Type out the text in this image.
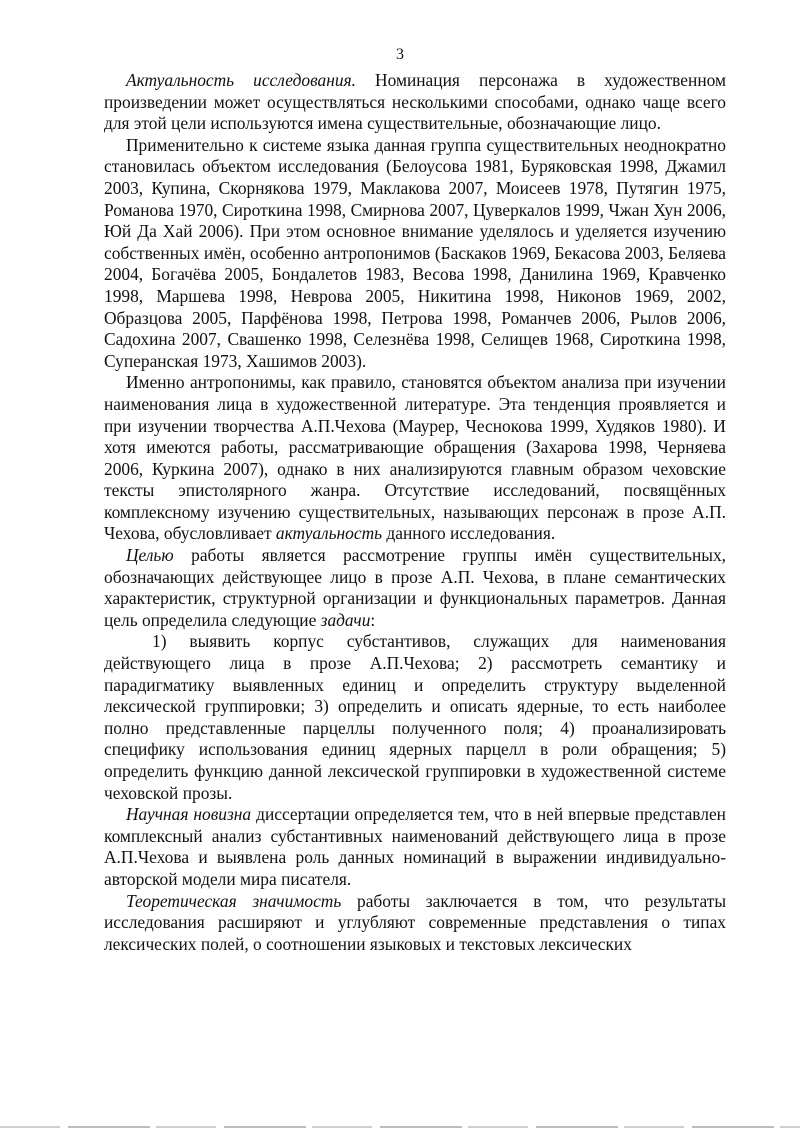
3

Актуальность исследования. Номинация персонажа в художественном произведении может осуществляться несколькими способами, однако чаще всего для этой цели используются имена существительные, обозначающие лицо.

Применительно к системе языка данная группа существительных неоднократно становилась объектом исследования (Белоусова 1981, Буряковская 1998, Джамил 2003, Купина, Скорнякова 1979, Маклакова 2007, Моисеев 1978, Путягин 1975, Романова 1970, Сироткина 1998, Смирнова 2007, Цуверкалов 1999, Чжан Хун 2006, Юй Да Хай 2006). При этом основное внимание уделялось и уделяется изучению собственных имён, особенно антропонимов (Баскаков 1969, Бекасова 2003, Беляева 2004, Богачёва 2005, Бондалетов 1983, Весова 1998, Данилина 1969, Кравченко 1998, Маршева 1998, Неврова 2005, Никитина 1998, Никонов 1969, 2002, Образцова 2005, Парфёнова 1998, Петрова 1998, Романчев 2006, Рылов 2006, Садохина 2007, Свашенко 1998, Селезнёва 1998, Селищев 1968, Сироткина 1998, Суперанская 1973, Хашимов 2003).

Именно антропонимы, как правило, становятся объектом анализа при изучении наименования лица в художественной литературе. Эта тенденция проявляется и при изучении творчества А.П.Чехова (Маурер, Чеснокова 1999, Худяков 1980). И хотя имеются работы, рассматривающие обращения (Захарова 1998, Черняева 2006, Куркина 2007), однако в них анализируются главным образом чеховские тексты эпистолярного жанра. Отсутствие исследований, посвящённых комплексному изучению существительных, называющих персонаж в прозе А.П. Чехова, обусловливает актуальность данного исследования.

Целью работы является рассмотрение группы имён существительных, обозначающих действующее лицо в прозе А.П. Чехова, в плане семантических характеристик, структурной организации и функциональных параметров. Данная цель определила следующие задачи:

1) выявить корпус субстантивов, служащих для наименования действующего лица в прозе А.П.Чехова; 2) рассмотреть семантику и парадигматику выявленных единиц и определить структуру выделенной лексической группировки; 3) определить и описать ядерные, то есть наиболее полно представленные парцеллы полученного поля; 4) проанализировать специфику использования единиц ядерных парцелл в роли обращения; 5) определить функцию данной лексической группировки в художественной системе чеховской прозы.

Научная новизна диссертации определяется тем, что в ней впервые представлен комплексный анализ субстантивных наименований действующего лица в прозе А.П.Чехова и выявлена роль данных номинаций в выражении индивидуально-авторской модели мира писателя.

Теоретическая значимость работы заключается в том, что результаты исследования расширяют и углубляют современные представления о типах лексических полей, о соотношении языковых и текстовых лексических
